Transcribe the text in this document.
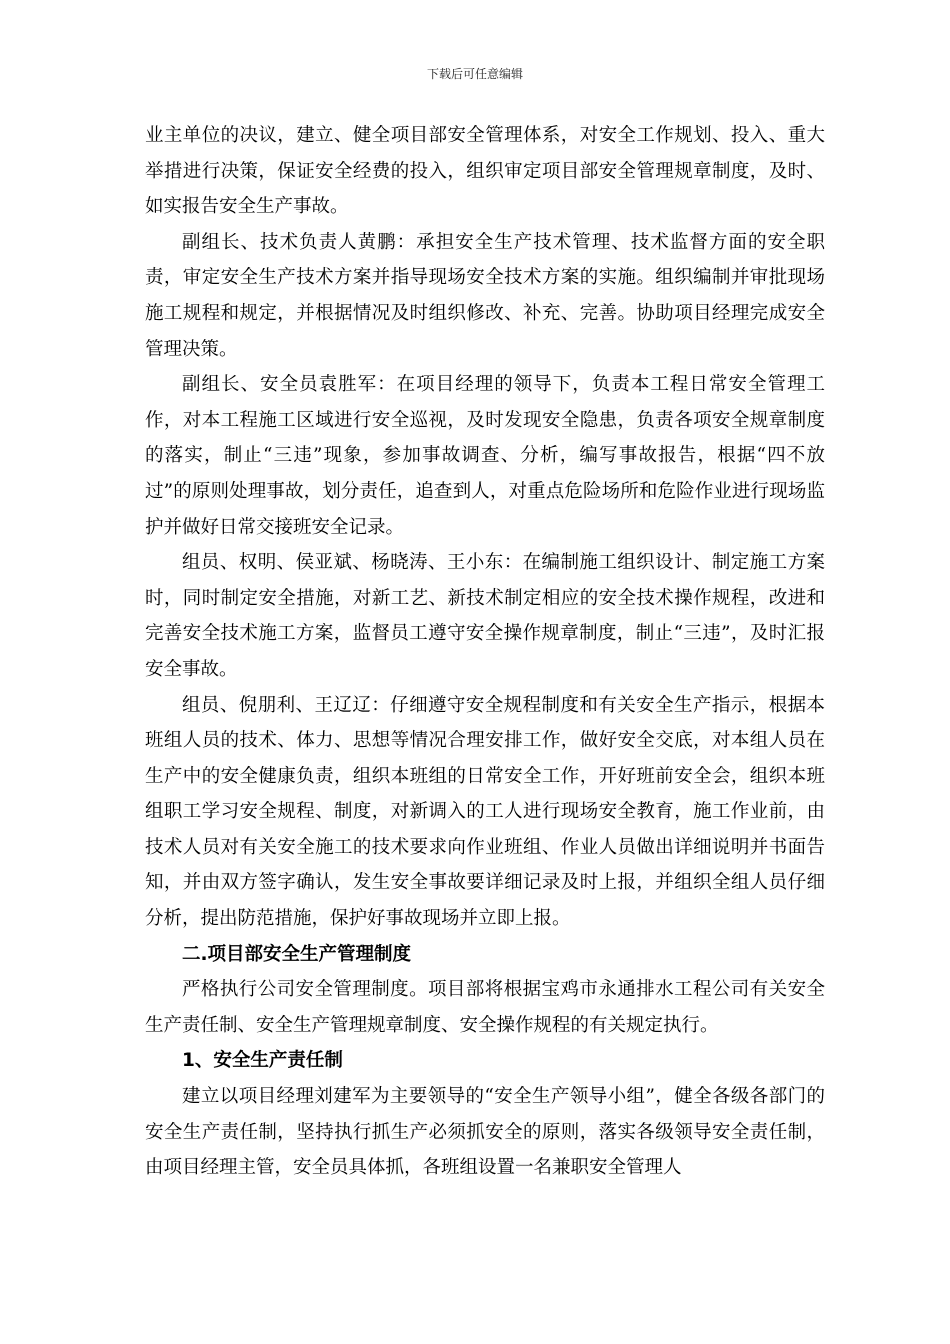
下载后可任意编辑

业主单位的决议，建立、健全项目部安全管理体系，对安全工作规划、投入、重大举措进行决策，保证安全经费的投入，组织审定项目部安全管理规章制度，及时、如实报告安全生产事故。

副组长、技术负责人黄鹏：承担安全生产技术管理、技术监督方面的安全职责，审定安全生产技术方案并指导现场安全技术方案的实施。组织编制并审批现场施工规程和规定，并根据情况及时组织修改、补充、完善。协助项目经理完成安全管理决策。

副组长、安全员袁胜军：在项目经理的领导下，负责本工程日常安全管理工作，对本工程施工区域进行安全巡视，及时发现安全隐患，负责各项安全规章制度的落实，制止“三违”现象，参加事故调查、分析，编写事故报告，根据“四不放过”的原则处理事故，划分责任，追查到人，对重点危险场所和危险作业进行现场监护并做好日常交接班安全记录。

组员、权明、侯亚斌、杨晓涛、王小东：在编制施工组织设计、制定施工方案时，同时制定安全措施，对新工艺、新技术制定相应的安全技术操作规程，改进和完善安全技术施工方案，监督员工遵守安全操作规章制度，制止“三违”，及时汇报安全事故。

组员、倪朋利、王辽辽：仔细遵守安全规程制度和有关安全生产指示，根据本班组人员的技术、体力、思想等情况合理安排工作，做好安全交底，对本组人员在生产中的安全健康负责，组织本班组的日常安全工作，开好班前安全会，组织本班组职工学习安全规程、制度，对新调入的工人进行现场安全教育，施工作业前，由技术人员对有关安全施工的技术要求向作业班组、作业人员做出详细说明并书面告知，并由双方签字确认，发生安全事故要详细记录及时上报，并组织全组人员仔细分析，提出防范措施，保护好事故现场并立即上报。

二.项目部安全生产管理制度

严格执行公司安全管理制度。项目部将根据宝鸡市永通排水工程公司有关安全生产责任制、安全生产管理规章制度、安全操作规程的有关规定执行。

1、安全生产责任制

建立以项目经理刘建军为主要领导的“安全生产领导小组”，健全各级各部门的安全生产责任制，坚持执行抓生产必须抓安全的原则，落实各级领导安全责任制，由项目经理主管，安全员具体抓，各班组设置一名兼职安全管理人
